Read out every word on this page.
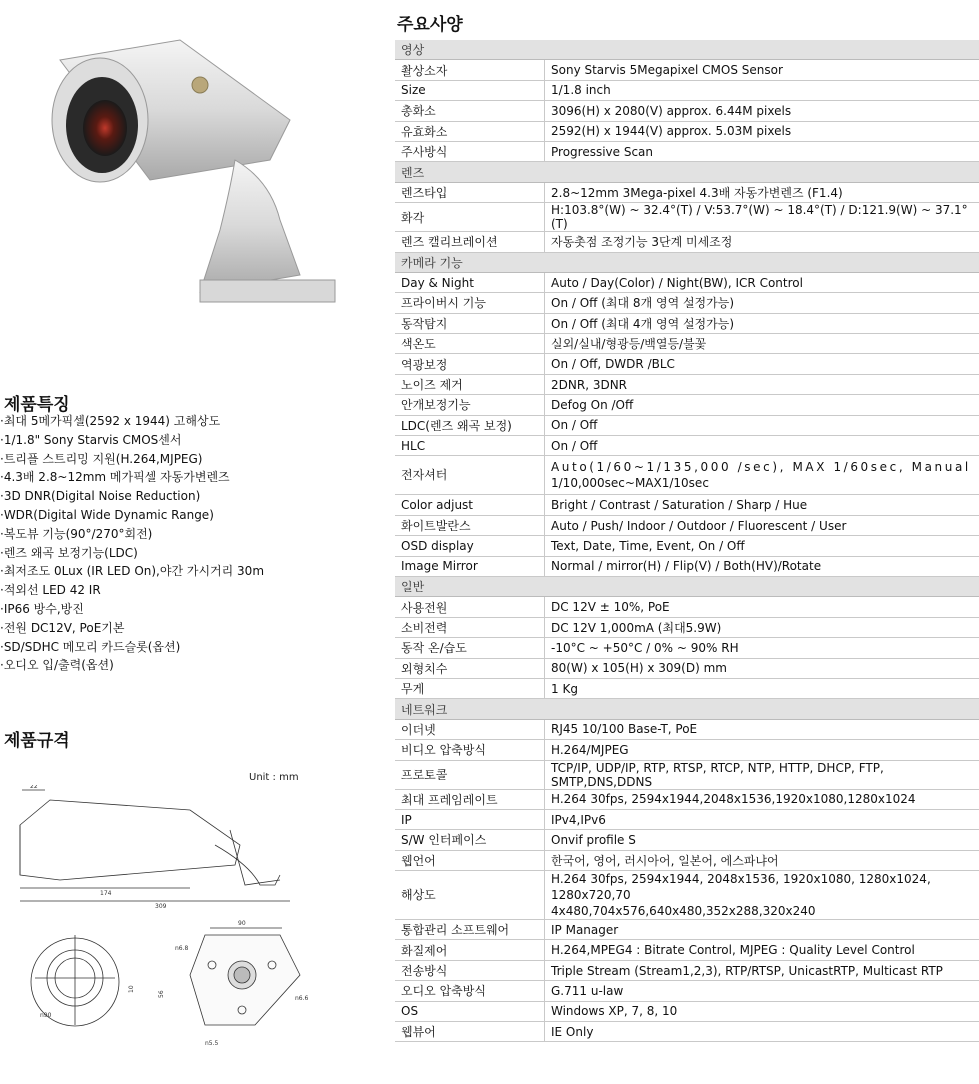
제품특징
·최대 5메가픽셀(2592 x 1944) 고해상도
·1/1.8" Sony Starvis CMOS센서
·트리플 스트리밍 지원(H.264,MJPEG)
·4.3배 2.8~12mm 메가픽셀 자동가변렌즈
·3D DNR(Digital Noise Reduction)
·WDR(Digital Wide Dynamic Range)
·복도뷰 기능(90°/270°회전)
·렌즈 왜곡 보정기능(LDC)
·최저조도 0Lux (IR LED On),야간 가시거리 30m
·적외선 LED 42 IR
·IP66 방수,방진
·전원 DC12V, PoE기본
·SD/SDHC 메모리 카드슬롯(옵션)
·오디오 입/출력(옵션)
제품규격
Unit : mm
22
174
309
10
n90
90
56
n6.8
n5.5
n6.6
주요사양
영상	
촬상소자	Sony Starvis 5Megapixel CMOS Sensor

Size	1/1.8 inch

총화소	3096(H) x 2080(V) approx. 6.44M pixels

유효화소	2592(H) x 1944(V) approx. 5.03M pixels

주사방식	Progressive Scan

렌즈	
렌즈타입	2.8~12mm 3Mega-pixel 4.3배 자동가변렌즈 (F1.4)

화각	H:103.8°(W) ~ 32.4°(T) / V:53.7°(W) ~ 18.4°(T) / D:121.9(W) ~ 37.1°(T)

렌즈 캘리브레이션	자동촛점 조정기능 3단계 미세조정

카메라 기능	
Day & Night	Auto / Day(Color) / Night(BW), ICR Control

프라이버시 기능	On / Off (최대 8개 영역 설정가능)

동작탐지	On / Off (최대 4개 영역 설정가능)

색온도	실외/실내/형광등/백열등/불꽃

역광보정	On / Off, DWDR /BLC

노이즈 제거	2DNR, 3DNR

안개보정기능	Defog On /Off

LDC(렌즈 왜곡 보정)	On / Off

HLC	On / Off

전자셔터	Auto(1/60~1/135,000 /sec), MAX 1/60sec, Manual
1/10,000sec~MAX1/10sec

Color adjust	Bright / Contrast / Saturation / Sharp / Hue

화이트발란스	Auto / Push/ Indoor / Outdoor / Fluorescent / User

OSD display	Text, Date, Time, Event, On / Off

Image Mirror	Normal / mirror(H) / Flip(V) / Both(HV)/Rotate

일반	
사용전원	DC 12V ± 10%, PoE

소비전력	DC 12V 1,000mA (최대5.9W)

동작 온/습도	-10°C ~ +50°C / 0% ~ 90% RH

외형치수	80(W) x 105(H) x 309(D) mm

무게	1 Kg

네트워크	
이더넷	RJ45 10/100 Base-T, PoE

비디오 압축방식	H.264/MJPEG

프로토콜	TCP/IP, UDP/IP, RTP, RTSP, RTCP, NTP, HTTP, DHCP, FTP, SMTP,DNS,DDNS

최대 프레임레이트	H.264 30fps, 2594x1944,2048x1536,1920x1080,1280x1024

IP	IPv4,IPv6

S/W 인터페이스	Onvif profile S

웹언어	한국어, 영어, 러시아어, 일본어, 에스파냐어

해상도	H.264 30fps, 2594x1944, 2048x1536, 1920x1080, 1280x1024, 1280x720,70
4x480,704x576,640x480,352x288,320x240

통합관리 소프트웨어	IP Manager

화질제어	H.264,MPEG4 : Bitrate Control, MJPEG : Quality Level Control

전송방식	Triple Stream (Stream1,2,3), RTP/RTSP, UnicastRTP, Multicast RTP

오디오 압축방식	G.711 u-law

OS	Windows XP, 7, 8, 10

웹뷰어	IE Only
